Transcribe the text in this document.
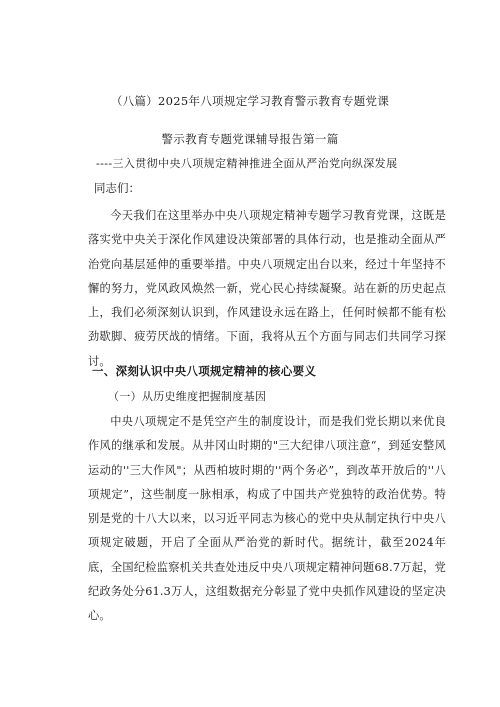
（八篇）2025年八项规定学习教育警示教育专题党课
警示教育专题党课辅导报告第一篇
----三入贯彻中央八项规定精神推进全面从严治党向纵深发展
同志们：
今天我们在这里举办中央八项规定精神专题学习教育党课，这既是落实党中央关于深化作风建设决策部署的具体行动，也是推动全面从严治党向基层延伸的重要举措。中央八项规定出台以来，经过十年坚持不懈的努力，党风政风焕然一新，党心民心持续凝聚。站在新的历史起点上，我们必须深刻认识到，作风建设永远在路上，任何时候都不能有松劲歇脚、疲劳厌战的情绪。下面，我将从五个方面与同志们共同学习探讨。
一、深刻认识中央八项规定精神的核心要义
（一）从历史维度把握制度基因
中央八项规定不是凭空产生的制度设计，而是我们党长期以来优良作风的继承和发展。从井冈山时期的"三大纪律八项注意“，到延安整风运动的''三大作风"；从西柏坡时期的''两个务必”，到改革开放后的''八项规定”，这些制度一脉相承，构成了中国共产党独特的政治优势。特别是党的十八大以来，以习近平同志为核心的党中央从制定执行中央八项规定破题，开启了全面从严治党的新时代。据统计，截至2024年底，全国纪检监察机关共查处违反中央八项规定精神问题68.7万起，党纪政务处分61.3万人，这组数据充分彰显了党中央抓作风建设的坚定决心。
